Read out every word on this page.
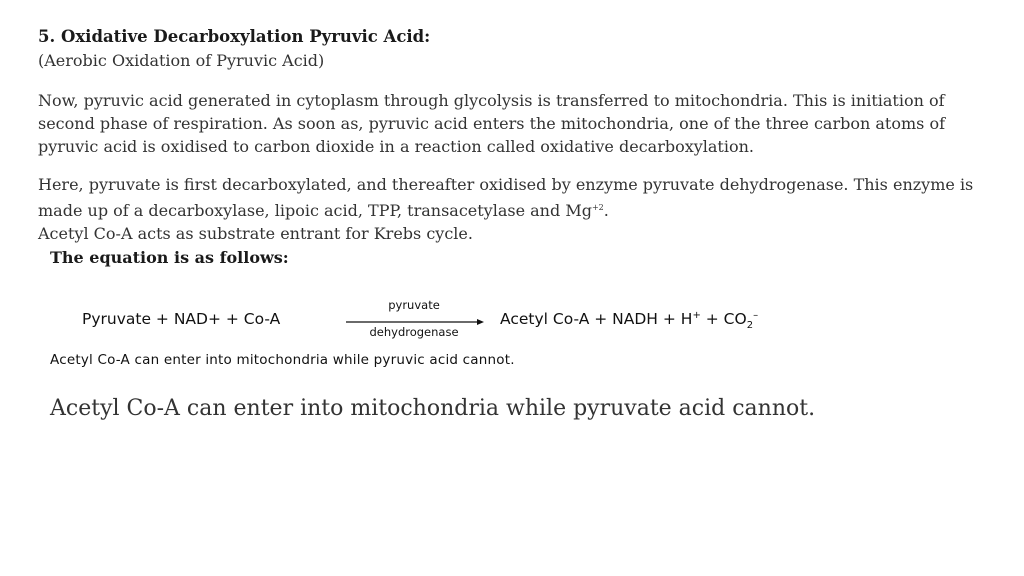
5. Oxidative Decarboxylation Pyruvic Acid:
(Aerobic Oxidation of Pyruvic Acid)

Now, pyruvic acid generated in cytoplasm through glycolysis is transferred to mitochondria. This is initiation of second phase of respiration. As soon as, pyruvic acid enters the mitochondria, one of the three carbon atoms of pyruvic acid is oxidised to carbon dioxide in a reaction called oxidative decarboxylation.

Here, pyruvate is first decarboxylated, and thereafter oxidised by enzyme pyruvate dehydrogenase. This enzyme is made up of a decarboxylase, lipoic acid, TPP, transacetylase and $Mg^{+2}$.
Acetyl Co-A acts as substrate entrant for Krebs cycle.

The equation is as follows:
Pyruvate + NAD+ + Co-A
pyruvate
dehydrogenase
Acetyl Co-A + NADH + $H^+ + CO_2^-$
Acetyl Co-A can enter into mitochondria while pyruvic acid cannot.
Acetyl Co-A can enter into mitochondria while pyruvate acid cannot.
